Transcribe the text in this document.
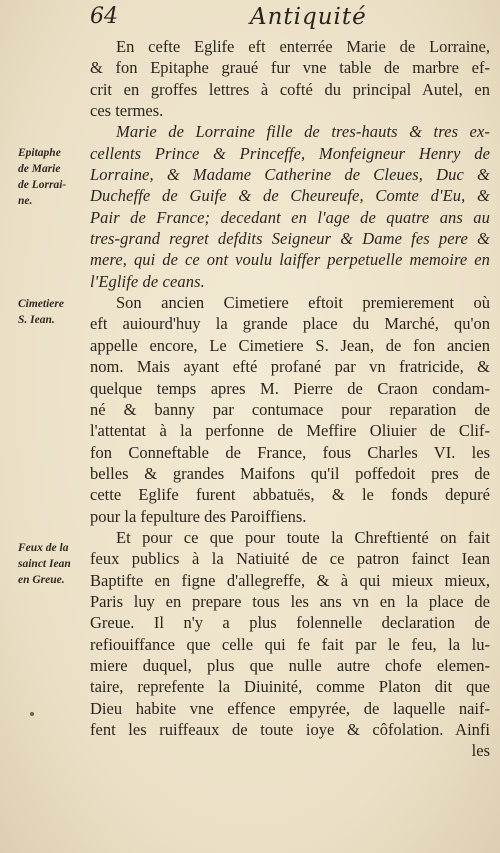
64	Antiquité
Epitaphe
de Marie
de Lorrai-
ne.
Cimetiere
S. Iean.
Feux de la
sainct Iean
en Greue.
En cefte Eglife eft enterrée Marie de Lorraine,
& fon Epitaphe graué fur vne table de marbre ef-
crit en groffes lettres à cofté du principal Autel, en
ces termes.
Marie de Lorraine fille de tres-hauts & tres ex-
cellents Prince & Princeffe, Monfeigneur Henry de
Lorraine, & Madame Catherine de Cleues, Duc &
Ducheffe de Guife & de Cheureufe, Comte d'Eu, &
Pair de France; decedant en l'age de quatre ans au
tres-grand regret defdits Seigneur & Dame fes pere &
mere, qui de ce ont voulu laiffer perpetuelle memoire en
l'Eglife de ceans.
Son ancien Cimetiere eftoit premierement où
eft auiourd'huy la grande place du Marché, qu'on
appelle encore, Le Cimetiere S. Jean, de fon ancien
nom. Mais ayant efté profané par vn fratricide, &
quelque temps apres M. Pierre de Craon condam-
né & banny par contumace pour reparation de
l'attentat à la perfonne de Meffire Oliuier de Clif-
fon Conneftable de France, fous Charles VI. les
belles & grandes Maifons qu'il poffedoit pres de
cette Eglife furent abbatuës, & le fonds depuré
pour la fepulture des Paroiffiens.
Et pour ce que pour toute la Chreftienté on fait
feux publics à la Natiuité de ce patron fainct Iean
Baptifte en figne d'allegreffe, & à qui mieux mieux,
Paris luy en prepare tous les ans vn en la place de
Greue. Il n'y a plus folennelle declaration de
refiouiffance que celle qui fe fait par le feu, la lu-
miere duquel, plus que nulle autre chofe elemen-
taire, reprefente la Diuinité, comme Platon dit que
Dieu habite vne effence empyrée, de laquelle naif-
fent les ruiffeaux de toute ioye & côfolation. Ainfi
les
